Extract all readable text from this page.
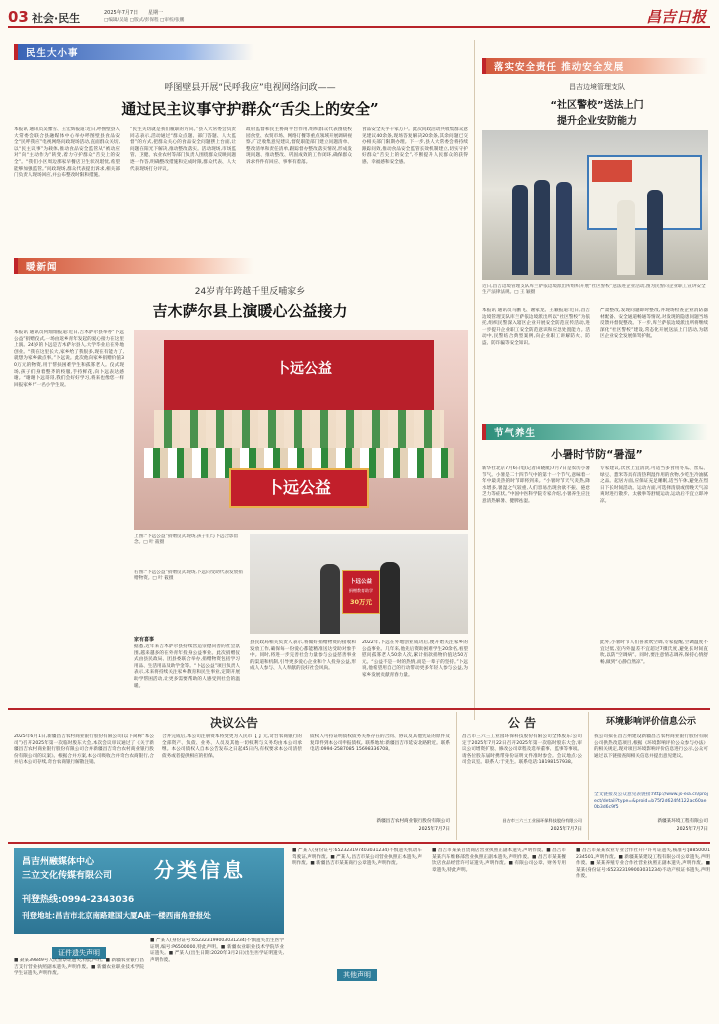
03 社会·民生	2025年7月7日 星期一
□编辑/吴迪 □版式/彭保程 □审校/张鹏	昌吉日报
民生大小事
呼图壁县开展“民呼我应”电视网络问政——
通过民主议事守护群众“舌尖上的安全”
本报讯 通讯员吴雅雪、王宏辉报道:近日,呼图壁县人大常委会联合县融媒体中心举办呼图壁县食品安全“民呼我应”电视网络问政现场活动,直面群众关切,以“民主议事”为载体,推动食品安全监管从“被动应对”向“主动作为”转变,着力守护群众“舌尖上的安全”。“我们小区周边那家早餐店卫生状况堪忧,希望能够加强监管。”问政现场,群众代表提出诉求,相关部门负责人现场回应,并公布整改时限和措施。
“民生关切就是我们履职的方向。”县人大常委会负责同志表示,活动通过“群众点题、部门答题、人大监督”的方式,把群众关心的食品安全问题摆上台面,让问题在阳光下解决,推动整改落实。活动现场,市场监管、卫健、农业农村等部门负责人围绕群众反映问题逐一作答,明确整改措施和完成时限,群众代表、人大代表现场打分评议。
政府监督和民主协商平台作用,组织群众代表围绕校园食堂、农贸市场、网络订餐等重点领域开展调研视察,广泛收集意见建议,督促职能部门建立问题清单、整改清单和责任清单,跟踪督办整改落实情况,形成发现问题、推动整改、巩固成效的工作闭环,确保群众诉求件件有回应、事事有着落。
食品安全关乎千家万户。此次问政活动共收集群众意见建议40余条,现场答复解决20余条,其余问题已交办相关部门限期办理。下一步,县人大常委会将持续跟踪问效,推动食品安全监管长效机制建立,切实守护好群众“舌尖上的安全”,不断提升人民群众的获得感、幸福感和安全感。
落实安全责任 推动安全发展
昌吉边境管理支队
“社区警校”送法上门
提升企业安防能力
近日,昌吉边境管理支队库兰萨依边境派出所组织开展“社区警校”送法进企业活动,图为民警向企业职工宣讲安全生产法律法规。□ 王 颖摄
本报讯 通讯员马鹏飞、谢家龙、王颖报道:近日,昌吉边境管理支队库兰萨依边境派出所以“社区警校”为依托,组织民警深入辖区企业开展安全防范宣传活动,进一步提升企业职工安全防范意识和应急处置能力。活动中,民警结合典型案例,向企业职工讲解防火、防盗、防诈骗等安全知识。
严肃整改,发现问题即时整改,并现场检查企业消防器材配备、安全通道畅通等情况,对发现的隐患问题当场反馈并督促整改。下一步,库兰萨依边境派出所将继续深化“社区警校”建设,常态化开展送法上门活动,为辖区企业安全发展保驾护航。
暖新闻
24岁青年跨越千里反哺家乡
吉木萨尔县上演暖心公益接力
本报讯 通讯员何灿灿报道:近日,吉木萨尔县举办“卜远公益”捐赠仪式,一场由返乡青年发起的爱心接力在这里上演。24岁的卜远是吉木萨尔县人,大学毕业后在外地创业。“我在这里长大,家乡给了我很多,现在有能力了,就想为家乡做点事。”卜远说。此次他向家乡捐赠价值30万元的物资,用于帮扶困难学生和孤寡老人。仪式现场,孩子们身着整齐的校服,手持鲜花,向卜远表达感谢。“谢谢卜远哥哥,我们会好好学习,将来也像您一样回报家乡!”一名小学生说。
卜远公益
卜远公益
上图:“卜远公益”捐赠仪式现场,孩子们与卜远合影留念。□ 叶 筱摄
右图:“卜远公益”捐赠仪式现场,卜远向受助代表发放捐赠物资。□ 叶 筱摄
卜远公益
捐赠教育助学
30万元
家有喜事
据悉,近年来吉木萨尔县持续营造崇德向善的社会氛围,越来越多的在外青年投身公益事业。此次捐赠仪式由县民政局、团县委联合举办,捐赠物资包括学习用品、生活用品及助学金等。“卜远公益”项目负责人表示,未来将持续关注家乡教育和民生事业,定期开展助学帮困活动,让更多需要帮助的人感受到社会的温暖。
县民政局相关负责人表示,将做好捐赠物资的接收和发放工作,确保每一份爱心都能精准送达受助对象手中。同时,将进一步完善社会力量参与公益慈善事业的渠道和机制,引导更多爱心企业和个人投身公益,形成人人参与、人人奉献的良好社会风尚。
2022年,卜远在外地创业成功后,便开始关注家乡的公益事业。几年来,他先后资助困难学生20余名,看望慰问孤寡老人50余人次,累计捐款捐物价值达50万元。“公益不是一时的热情,而是一辈子的坚持。”卜远说,他希望用自己的行动带动更多年轻人参与公益,为家乡发展贡献青春力量。
节气养生
小暑时节防“暑湿”
新华社北京7月6日电(记者田晓航)7月7日是农历小暑节气。小暑是二十四节气中的第十一个节气,意味着一年中最炎热的时节即将到来。“小暑时节天气炎热,降水增多,暑湿之气较重,人们容易出现食欲不振、倦怠乏力等症状。”中国中医科学院专家介绍,小暑养生应注意清热解暑、健脾祛湿。
专家建议,饮食上宜清淡,可适当多食用冬瓜、丝瓜、绿豆、薏米等具有清热利湿作用的食物,少吃生冷油腻之品。起居方面,应保证充足睡眠,适当午休,避免在烈日下长时间活动。运动方面,可选择清晨或傍晚天气凉爽时进行散步、太极拳等舒缓运动,运动后不宜立即冲凉。
此外,小暑时节人们喜欢吹空调,专家提醒,空调温度不宜过低,室内外温差不宜超过7摄氏度,避免长时间直吹,以防“空调病”。同时,要注意情志调养,保持心情舒畅,做到“心静自然凉”。
决议公告
2025年6月1日,新疆昌吉农村商业银行股份有限公司(以下简称“本公司”)召开2025年第一次临时股东大会,本次会议审议通过了《关于新疆昌吉农村商业银行股份有限公司合并新疆昌吉奇台农村商业银行股份有限公司的议案》。根据合并方案,本公司吸收合并奇台农商银行,合并后本公司存续,奇台农商银行解散注销。
合并完成后,本公司注册资本将变更为人民币【 】元,奇台农商银行的全部资产、负债、业务、人员及其他一切权利与义务均由本公司承继。本公司债权人自本公告发布之日起45日内,有权要求本公司清偿债务或者提供相应的担保。
债权人可持证明债权债务关系存在的合同、协议及其他凭证的原件及复印件到本公司申报债权。联系地址:新疆昌吉市延安北路附近。联系电话:0994-2587085 15698336708。
新疆昌吉农村商业银行股份有限公司
2025年7月7日
公 告
昌吉市三六三工业园环保科技股份有限公司全体股东:公司定于2025年7月22日召开2025年第一次临时股东大会,审议公司增资扩股、修改公司章程及选举董事、监事等事项。请各位股东届时携带身份证明文件准时参会。会议地点:公司会议室。联系人:于先生。联系电话:18198157938。
昌吉市三六三工业园环保科技股份有限公司
2025年7月7日
环境影响评价信息公示
我公司拟在昌吉州建设新疆昌吉农村商业银行股份有限公司供热改造项目,根据《环境影响评价公众参与办法》的相关规定,现对项目环境影响评价信息进行公示,公众可通过以下链接查阅相关信息并提出意见建议。
全文链接及公众意见表链接:http://www.js-eia.cn/project/detail?type=&proid=b75f2d624f4122ac60ae0b3d6c9f5
新疆某环境工程有限公司
2025年7月7日
昌吉州融媒体中心
三立文化传媒有限公司 分类信息
刊登热线:0994-2343036
刊登地址:昌吉市北京南路建国大厦A座一楼西南角登报处
证件遗失声明
■ 聂某39849号人民警察证遗失,特此声明。■ 新疆农业银行昌吉支行营业执照副本遗失,声明作废。■ 新疆农业职业技术学院学生证遗失,声明作废。
■ 严某人(身份证号:652323199003031234)不慎遗失出生医学证明,编号:P6500000,特此声明。■ 新疆农业职业技术学院毕业证遗失。■ 严某人(出生日期:2020年3月2日)出生医学证明遗失,声明作废。
■ 严某人(身份证号:652323197403031234)不慎遗失机动车驾驶证,声明作废。■ 严某人,昌吉市某公司营业执照正本遗失,声明作废。■ 新疆昌吉市某某商行公章遗失,声明作废。
其他声明
■ 昌吉市某某百货商店营业执照正副本遗失,声明作废。■ 昌吉市某某汽车维修部营业执照正副本遗失,声明作废。■ 昌吉市某某餐饮店食品经营许可证遗失,声明作废。■ 有限公司公章、财务专用章遗失,特此声明。
■ 昌吉市某某农业专业合作社开户许可证遗失,核准号:J8850001234501,声明作废。■ 新疆某某建设工程有限公司公章遗失,声明作废。■ 某某养殖专业合作社营业执照正副本遗失,声明作废。■ 某某(身份证号:652323199003031234)不动产权证书遗失,声明作废。
